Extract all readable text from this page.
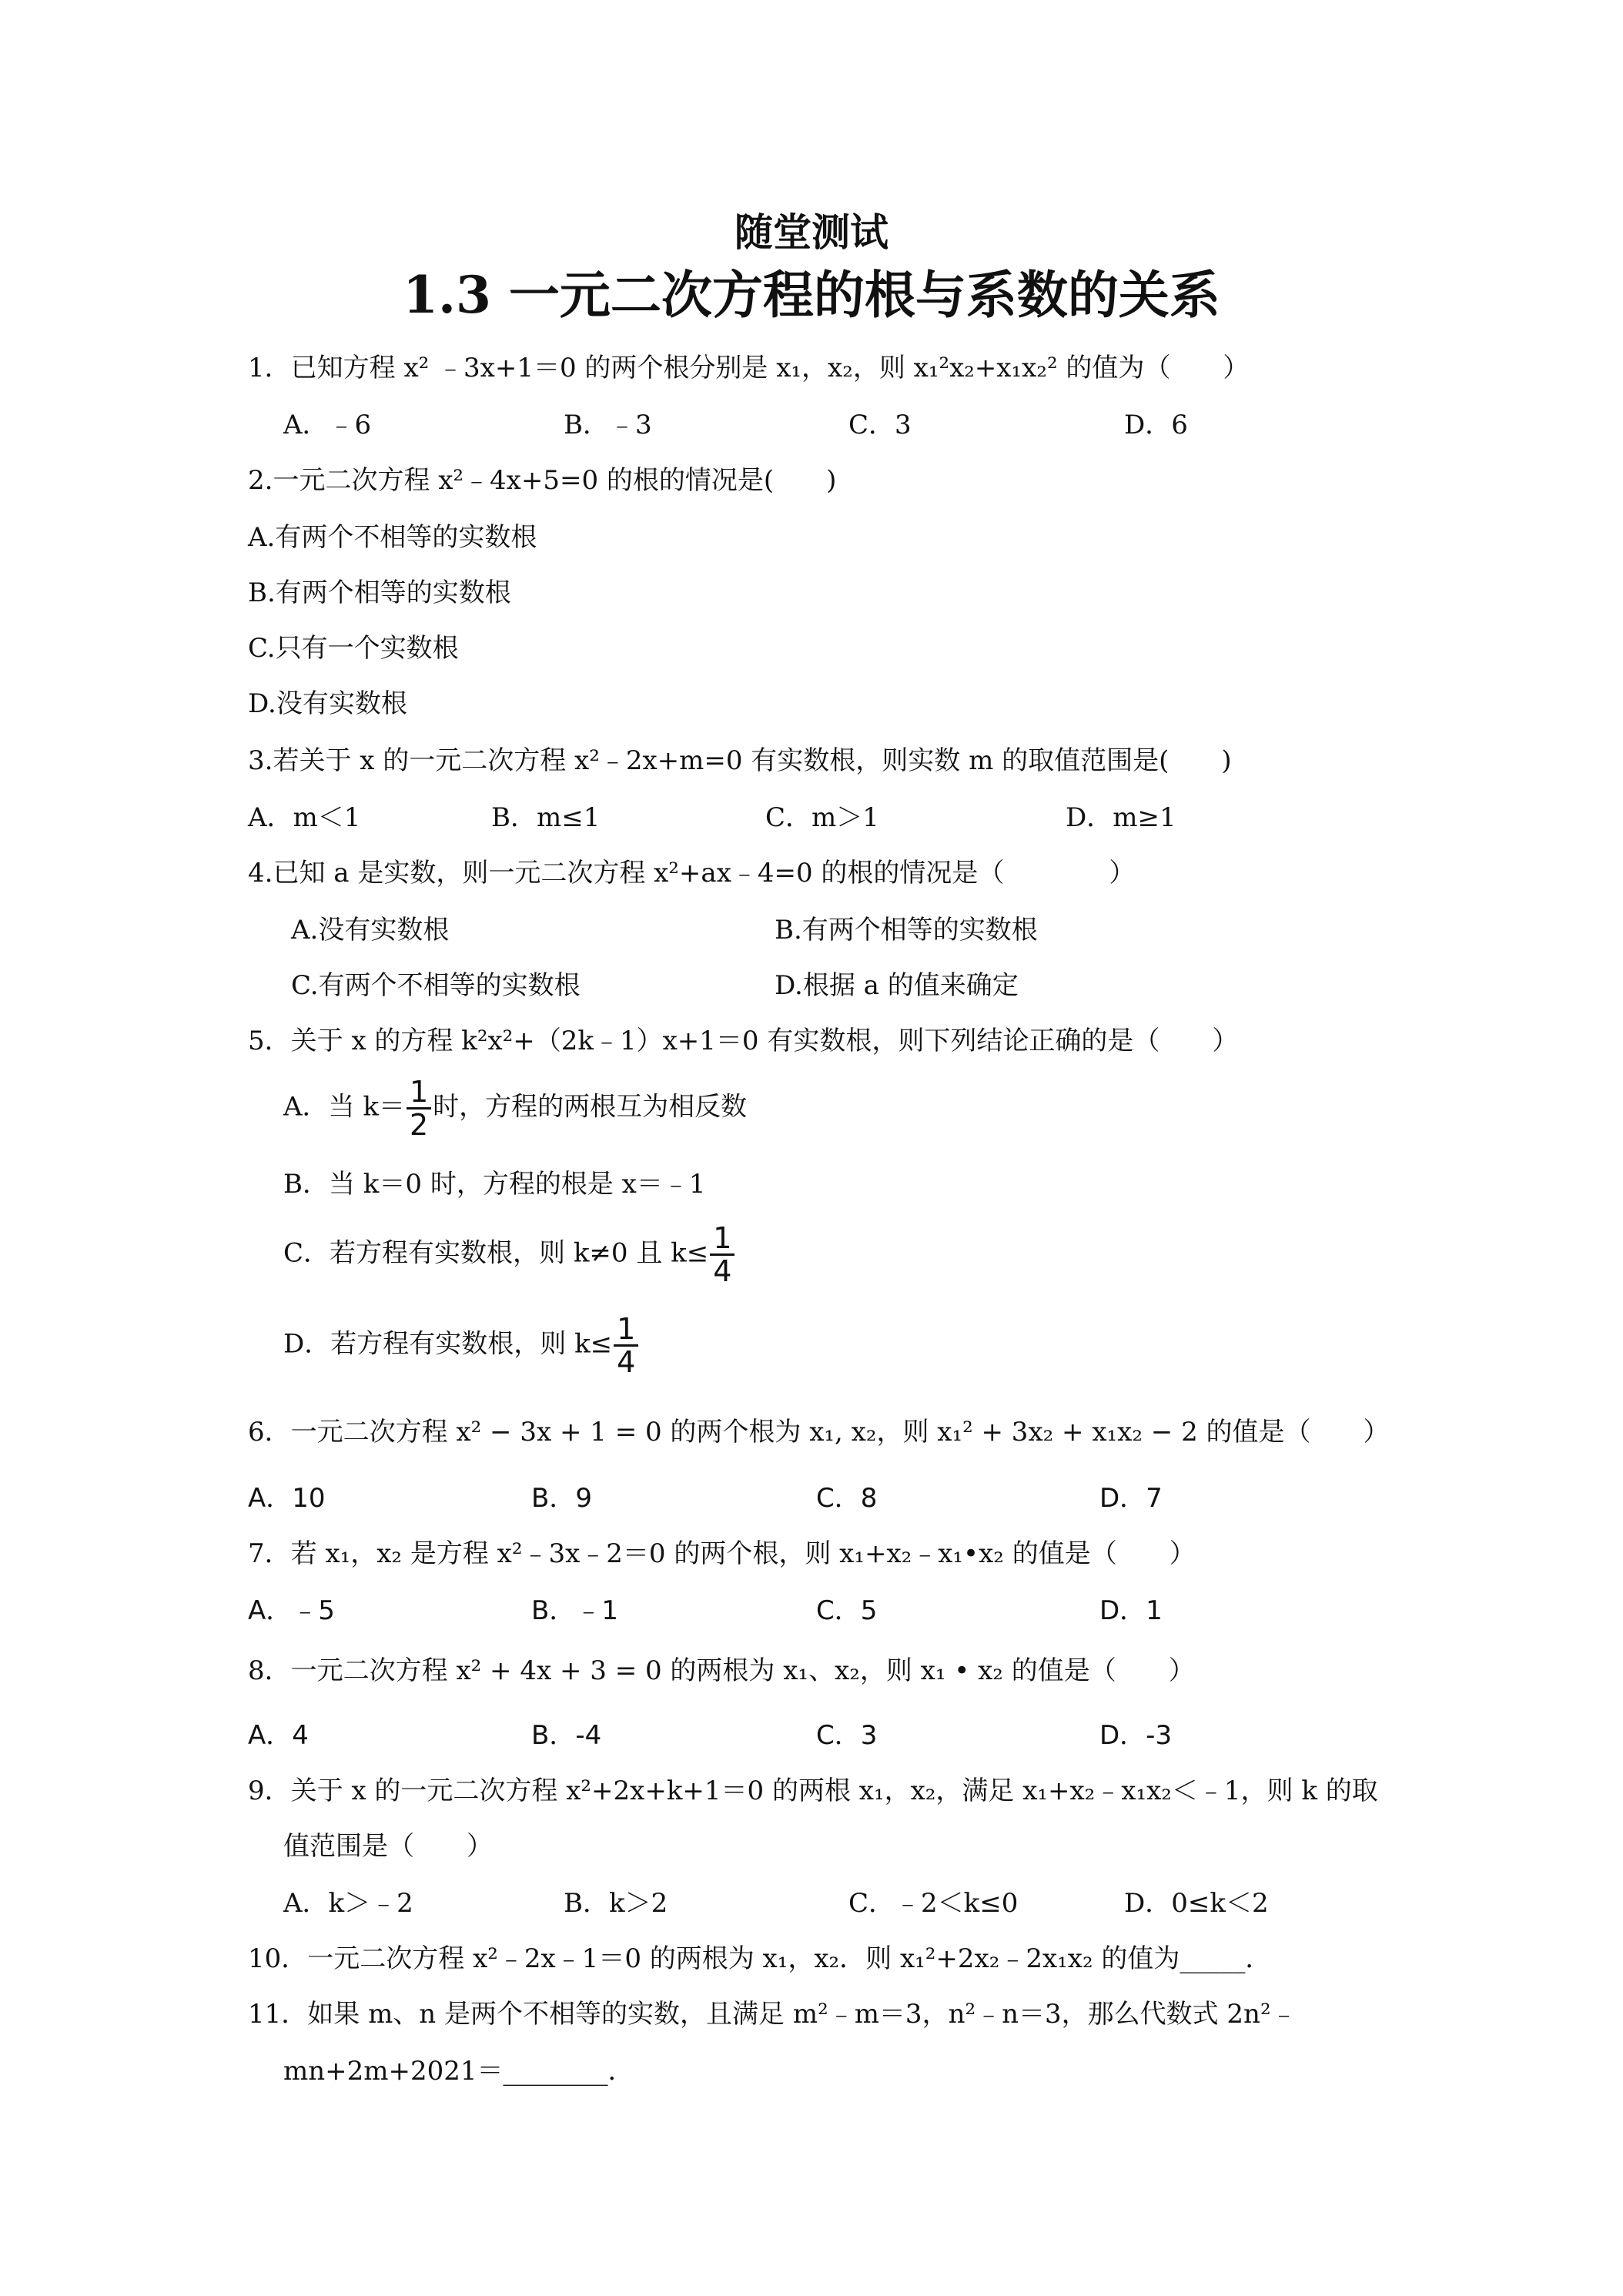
随堂测试
1.3 一元二次方程的根与系数的关系
1．已知方程 x² ﹣3x+1＝0 的两个根分别是 x₁，x₂，则 x₁²x₂+x₁x₂² 的值为（　　）
A．﹣6	B．﹣3	C．3	D．6
2.一元二次方程 x²﹣4x+5=0 的根的情况是(　　)
A.有两个不相等的实数根
B.有两个相等的实数根
C.只有一个实数根
D.没有实数根
3.若关于 x 的一元二次方程 x²﹣2x+m=0 有实数根，则实数 m 的取值范围是(　　)
A．m＜1	B．m≤1	C．m＞1	D．m≥1
4.已知 a 是实数，则一元二次方程 x²+ax﹣4=0 的根的情况是（　　　　）
A.没有实数根	B.有两个相等的实数根
C.有两个不相等的实数根	D.根据 a 的值来确定
5．关于 x 的方程 k²x²+（2k﹣1）x+1＝0 有实数根，则下列结论正确的是（　　）
A．当 $k= \frac{1}{2}$ 时，方程的两根互为相反数
B．当 k＝0 时，方程的根是 x＝﹣1
C．若方程有实数根，则 k≠0 且 $k\le \frac{1}{4}$
D．若方程有实数根，则 $k\le \frac{1}{4}$
6．一元二次方程 x² − 3x + 1 = 0 的两个根为 x₁, x₂，则 x₁² + 3x₂ + x₁x₂ − 2 的值是（　　）
A．10	B．9	C．8	D．7
7．若 x₁，x₂ 是方程 x²﹣3x﹣2＝0 的两个根，则 x₁+x₂﹣x₁•x₂ 的值是（　　）
A．﹣5	B．﹣1	C．5	D．1
8．一元二次方程 x² + 4x + 3 = 0 的两根为 x₁、x₂，则 x₁ • x₂ 的值是（　　）
A．4	B．-4	C．3	D．-3
9．关于 x 的一元二次方程 x²+2x+k+1＝0 的两根 x₁，x₂，满足 x₁+x₂﹣x₁x₂＜﹣1，则 k 的取
值范围是（　　）
A．k＞﹣2	B．k＞2	C．﹣2＜k≤0	D．0≤k＜2
10．一元二次方程 x²﹣2x﹣1＝0 的两根为 x₁，x₂．则 x₁²+2x₂﹣2x₁x₂ 的值为_____．
11．如果 m、n 是两个不相等的实数，且满足 m²﹣m＝3，n²﹣n＝3，那么代数式 2n²﹣
mn+2m+2021＝________．
